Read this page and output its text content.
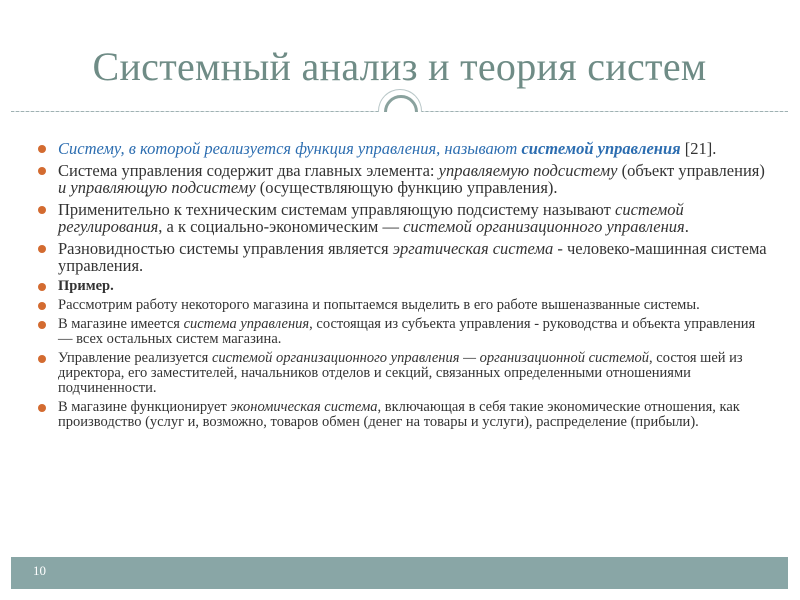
Системный анализ и теория систем
Систему, в которой реализуется функция управления, называют системой управления [21].
Система управления содержит два главных элемента: управляемую подсистему (объект управления) и управляющую подсистему (осуществляющую функцию управления).
Применительно к техническим системам управляющую подсистему называют системой регулирования, а к социально-экономическим — системой организационного управления.
Разновидностью системы управления является эргатическая система - человеко-машинная система управления.
Пример.
Рассмотрим работу некоторого магазина и попытаемся выделить в его работе вышеназванные системы.
В магазине имеется система управления, состоящая из субъекта управления - руководства и объекта управления — всех остальных систем магазина.
Управление реализуется системой организационного управления — организационной системой, состоя шей из директора, его заместителей, начальников отделов и секций, связанных определенными отношениями подчиненности.
В магазине функционирует экономическая система, включающая в себя такие экономические отношения, как производство (услуг и, возможно, товаров обмен (денег на товары и услуги), распределение (прибыли).
10
